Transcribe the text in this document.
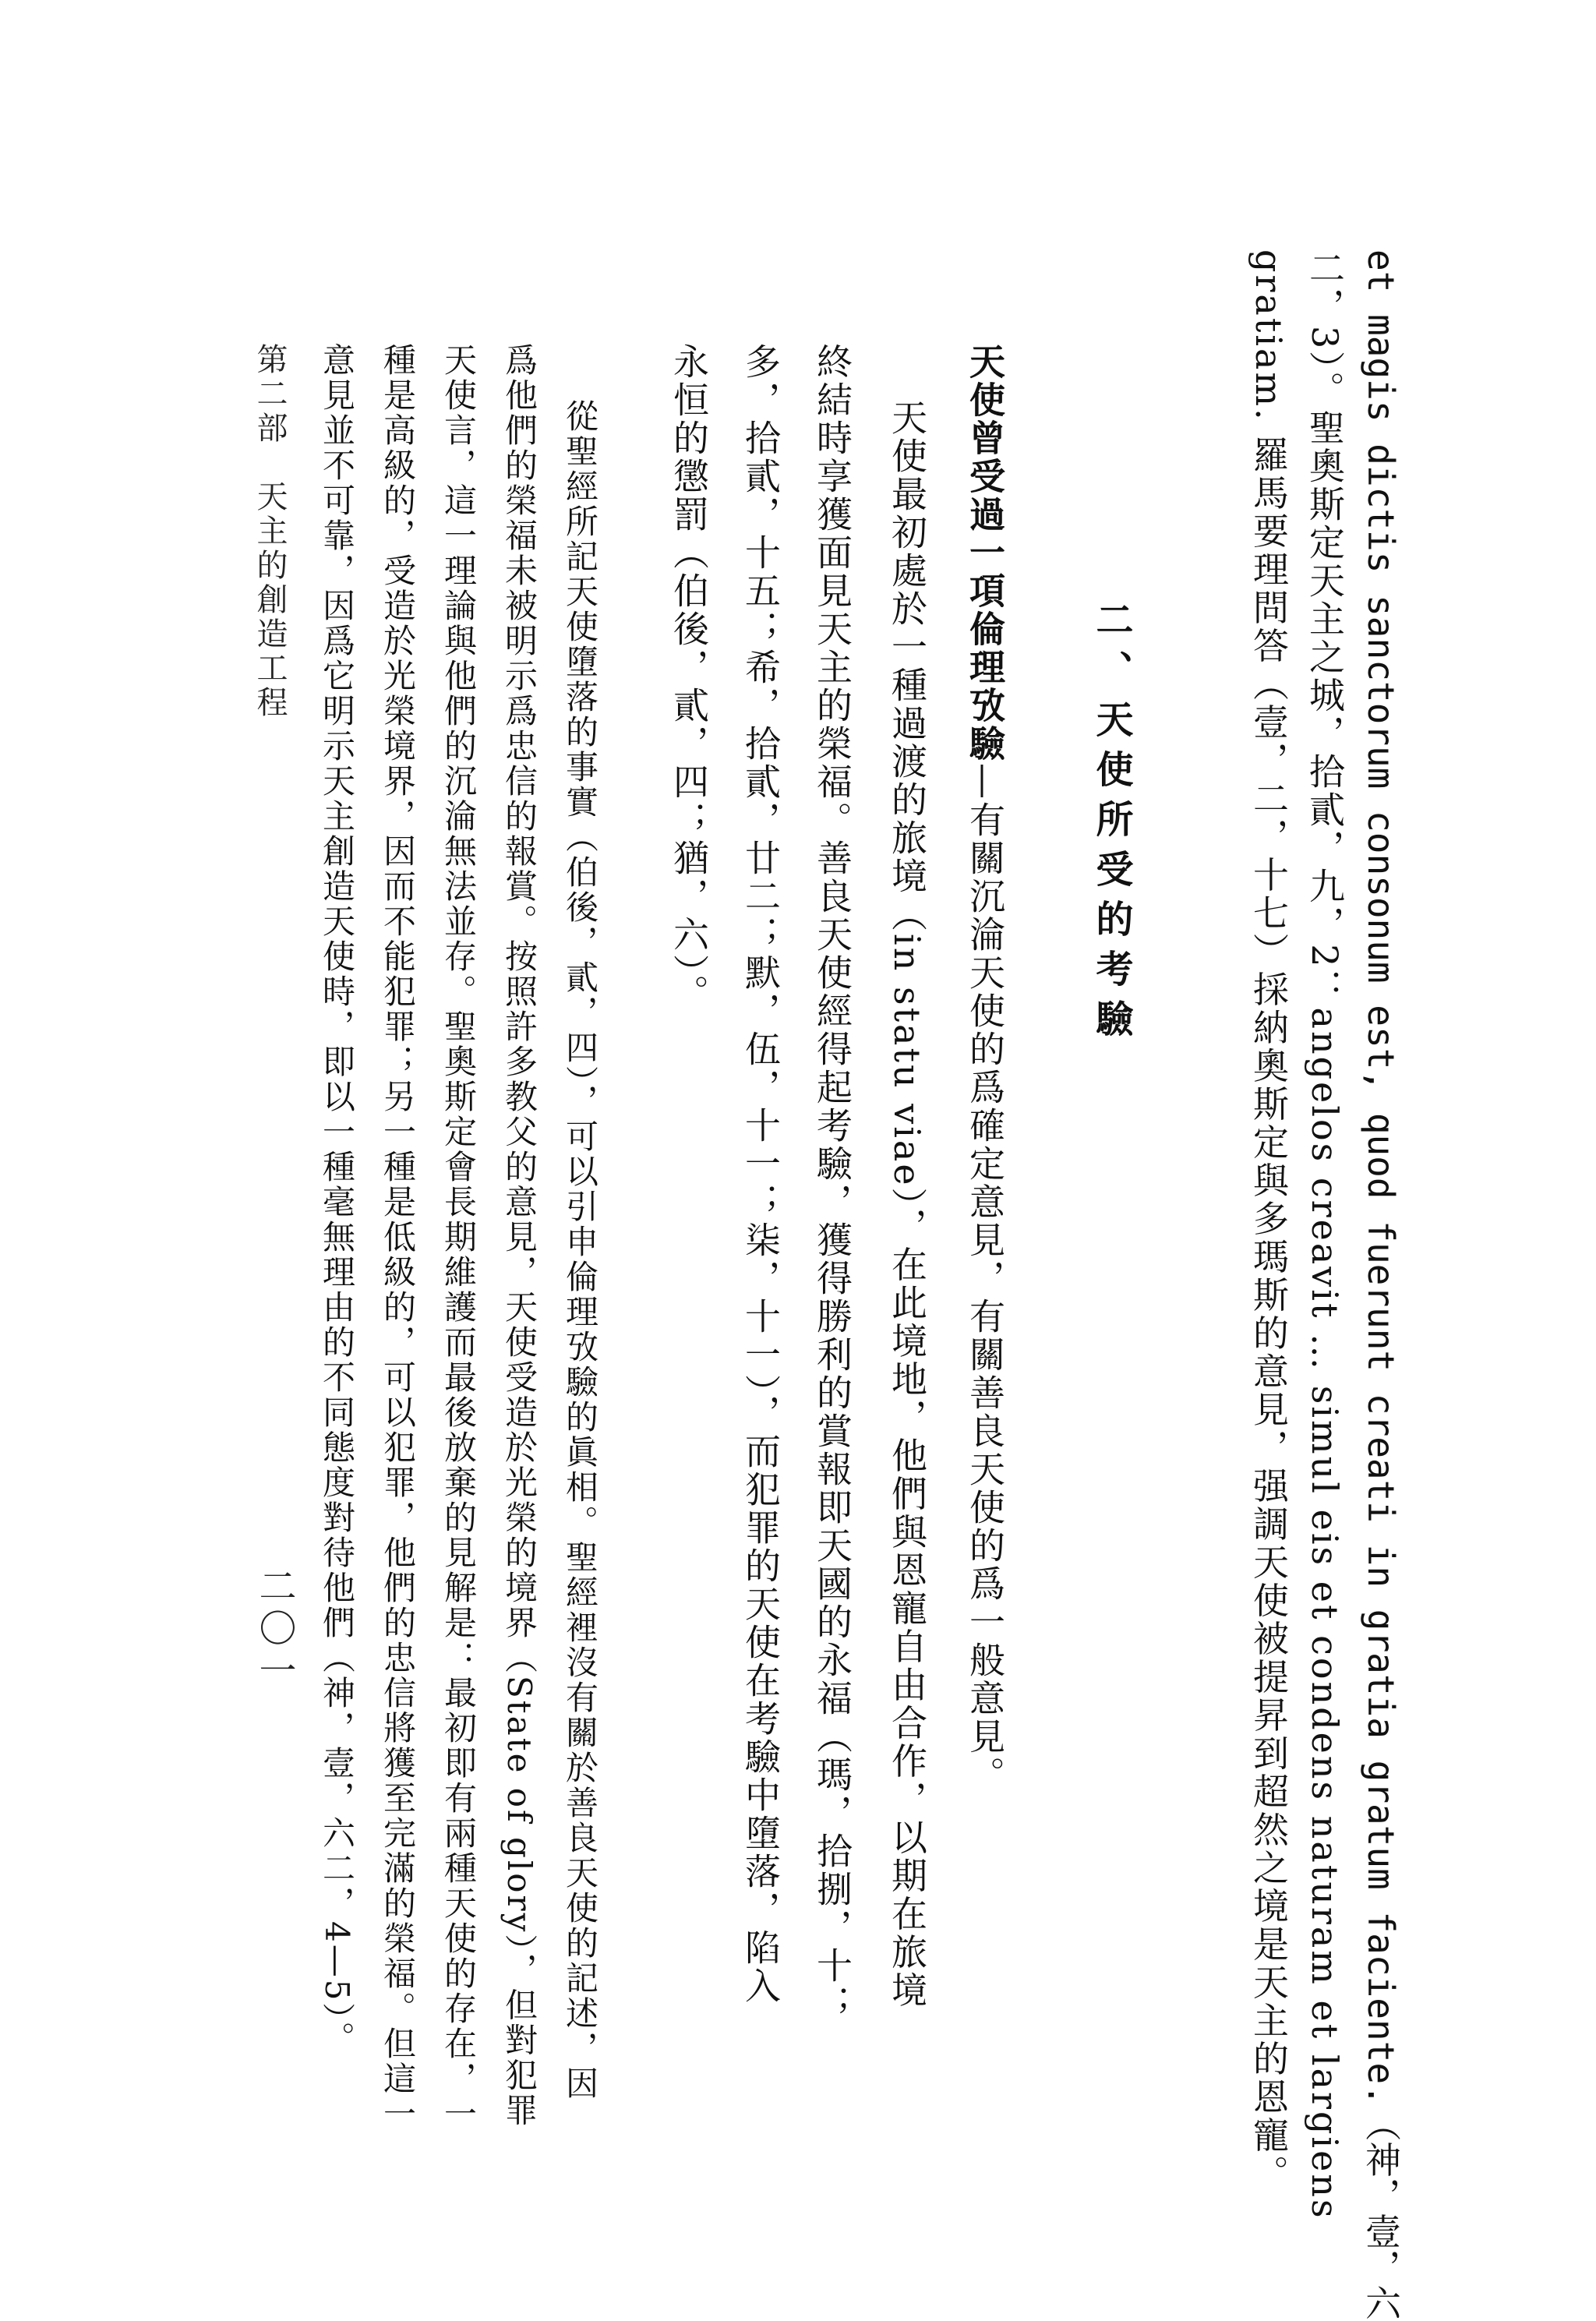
et magis dictis sanctorum consonum est, quod fuerunt creati in gratia gratum faciente.（神，壹，六
二，3）。聖奧斯定天主之城，拾貳，九，2：angelos creavit … simul eis et condens naturam et largiens
gratiam. 羅馬要理問答（壹，二，十七）採納奧斯定與多瑪斯的意見，强調天使被提昇到超然之境是天主的恩寵。
二、天使所受的考驗
天使曾受過一項倫理攷驗—有關沉淪天使的爲確定意見，有關善良天使的爲一般意見。
天使最初處於一種過渡的旅境（in statu viae），在此境地，他們與恩寵自由合作，以期在旅境
終結時享獲面見天主的榮福。善良天使經得起考驗，獲得勝利的賞報即天國的永福（瑪，拾捌，十；
多，拾貳，十五；希，拾貳，廿二；默，伍，十一；柒，十一），而犯罪的天使在考驗中墮落，陷入
永恒的懲罰（伯後，貳，四；猶，六）。
從聖經所記天使墮落的事實（伯後，貳，四），可以引申倫理攷驗的眞相。聖經裡沒有關於善良天使的記述，因
爲他們的榮福未被明示爲忠信的報賞。按照許多教父的意見，天使受造於光榮的境界（State of glory），但對犯罪
天使言，這一理論與他們的沉淪無法並存。聖奧斯定會長期維護而最後放棄的見解是：最初即有兩種天使的存在，一
種是高級的，受造於光榮境界，因而不能犯罪；另一種是低級的，可以犯罪，他們的忠信將獲至完滿的榮福。但這一
意見並不可靠，因爲它明示天主創造天使時，即以一種毫無理由的不同態度對待他們（神，壹，六二，4—5）。
第二部　天主的創造工程
二〇一
